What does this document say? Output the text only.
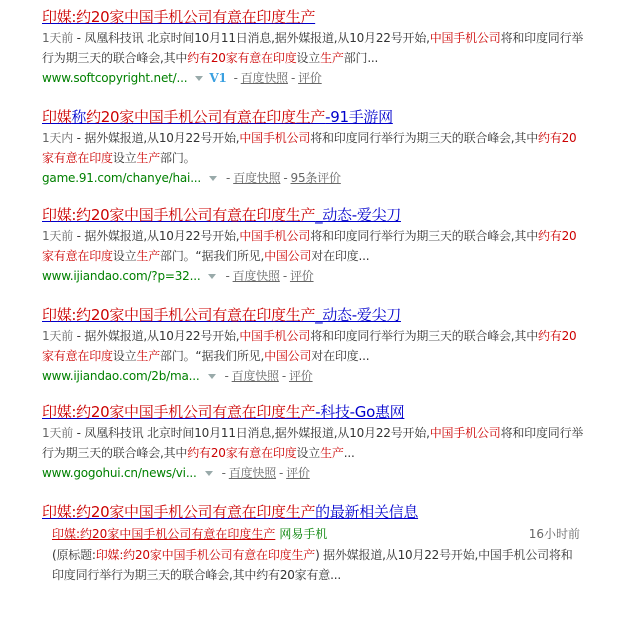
印媒:约20家中国手机公司有意在印度生产
1天前 - 凤凰科技讯 北京时间10月11日消息,据外媒报道,从10月22号开始,中国手机公司将和印度同行举行为期三天的联合峰会,其中约有20家有意在印度设立生产部门...
www.softcopyright.net/... V1 - 百度快照 - 评价
印媒称约20家中国手机公司有意在印度生产-91手游网
1天内 - 据外媒报道,从10月22号开始,中国手机公司将和印度同行举行为期三天的联合峰会,其中约有20家有意在印度设立生产部门。
game.91.com/chanye/hai... - 百度快照 - 95条评价
印媒:约20家中国手机公司有意在印度生产_动态-爱尖刀
1天前 - 据外媒报道,从10月22号开始,中国手机公司将和印度同行举行为期三天的联合峰会,其中约有20家有意在印度设立生产部门。“据我们所见,中国公司对在印度...
www.ijiandao.com/?p=32... - 百度快照 - 评价
印媒:约20家中国手机公司有意在印度生产_动态-爱尖刀
1天前 - 据外媒报道,从10月22号开始,中国手机公司将和印度同行举行为期三天的联合峰会,其中约有20家有意在印度设立生产部门。“据我们所见,中国公司对在印度...
www.ijiandao.com/2b/ma... - 百度快照 - 评价
印媒:约20家中国手机公司有意在印度生产-科技-Go惠网
1天前 - 凤凰科技讯 北京时间10月11日消息,据外媒报道,从10月22号开始,中国手机公司将和印度同行举行为期三天的联合峰会,其中约有20家有意在印度设立生产...
www.gogohui.cn/news/vi... - 百度快照 - 评价
印媒:约20家中国手机公司有意在印度生产的最新相关信息
印媒:约20家中国手机公司有意在印度生产 网易手机	16小时前
(原标题:印媒:约20家中国手机公司有意在印度生产) 据外媒报道,从10月22号开始,中国手机公司将和印度同行举行为期三天的联合峰会,其中约有20家有意...
